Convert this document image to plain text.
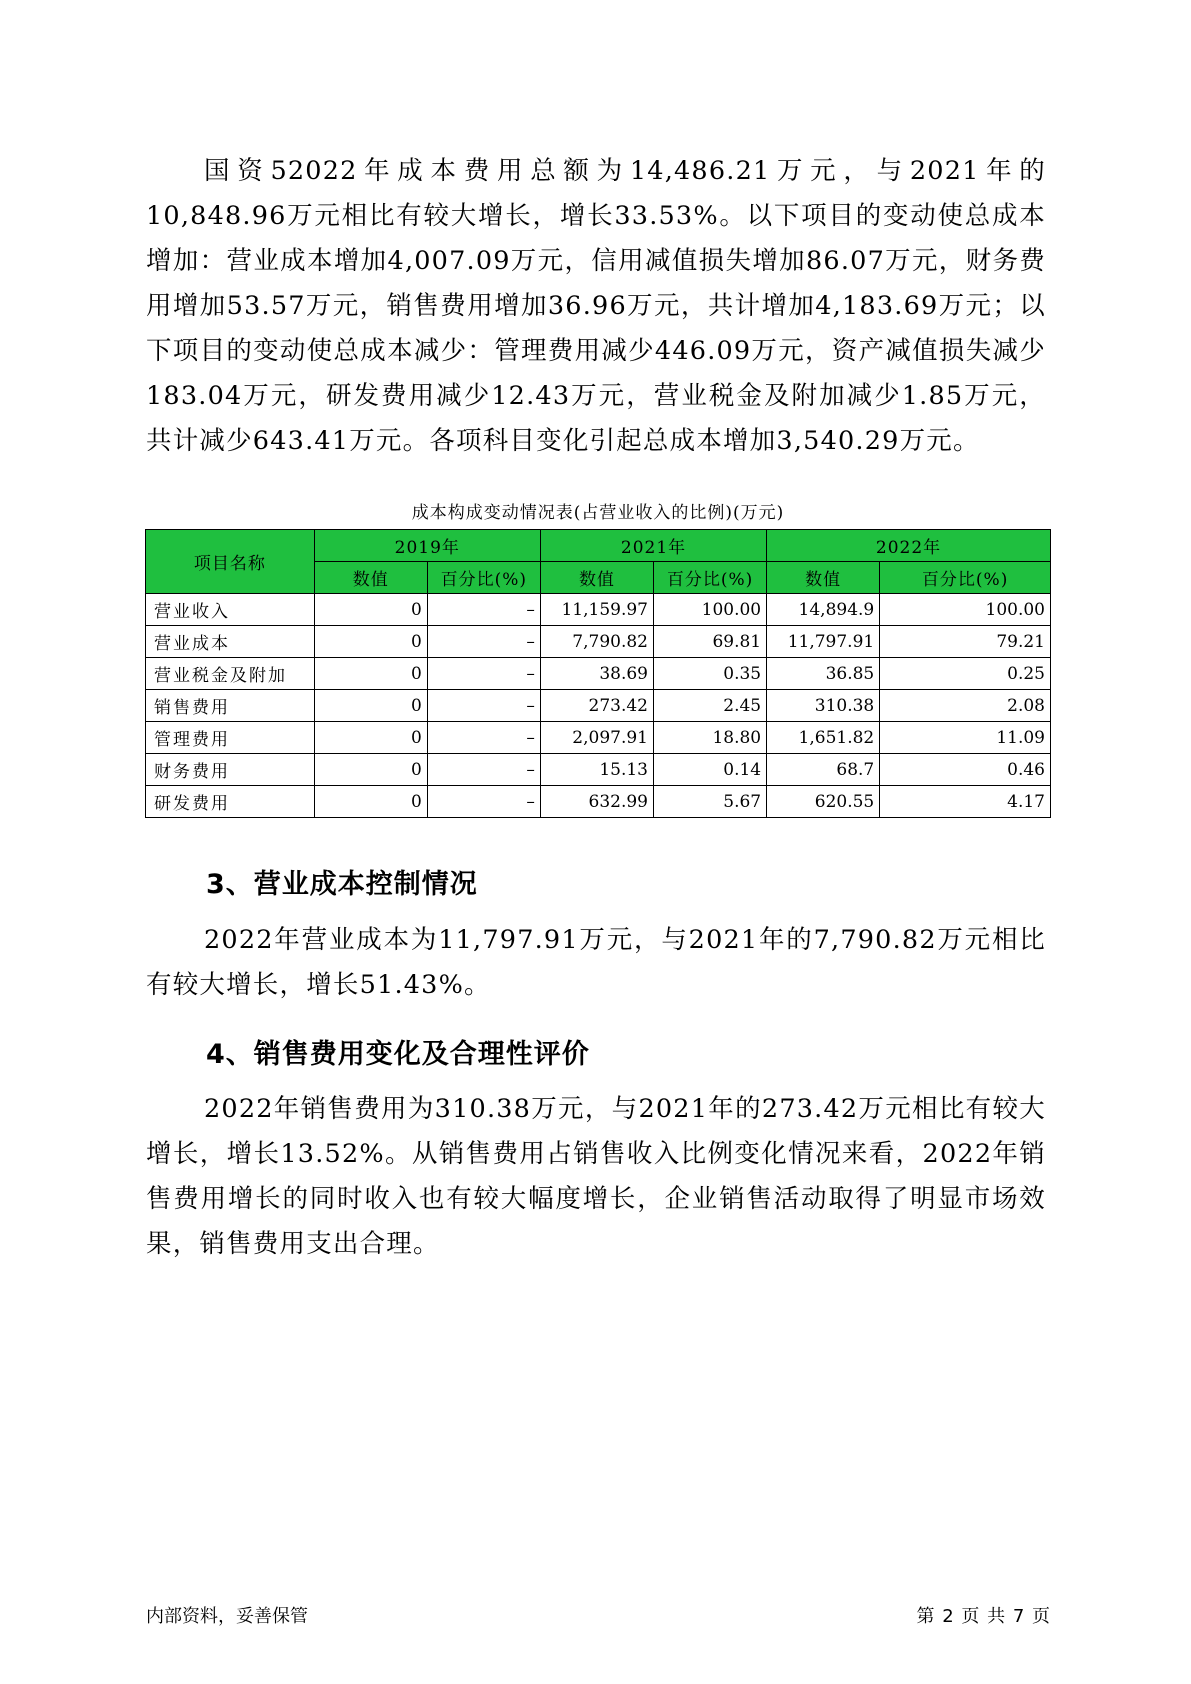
国资52022年成本费用总额为14,486.21万元，与2021年的10,848.96万元相比有较大增长，增长33.53%。以下项目的变动使总成本增加：营业成本增加4,007.09万元，信用减值损失增加86.07万元，财务费用增加53.57万元，销售费用增加36.96万元，共计增加4,183.69万元；以下项目的变动使总成本减少：管理费用减少446.09万元，资产减值损失减少183.04万元，研发费用减少12.43万元，营业税金及附加减少1.85万元，共计减少643.41万元。各项科目变化引起总成本增加3,540.29万元。

成本构成变动情况表(占营业收入的比例)(万元)

项目名称	2019年		2021年		2022年	
	数值	百分比(%)	数值	百分比(%)	数值	百分比(%)
营业收入	0	–	11,159.97	100.00	14,894.9	100.00
营业成本	0	–	7,790.82	69.81	11,797.91	79.21
营业税金及附加	0	–	38.69	0.35	36.85	0.25
销售费用	0	–	273.42	2.45	310.38	2.08
管理费用	0	–	2,097.91	18.80	1,651.82	11.09
财务费用	0	–	15.13	0.14	68.7	0.46
研发费用	0	–	632.99	5.67	620.55	4.17
3、营业成本控制情况

2022年营业成本为11,797.91万元，与2021年的7,790.82万元相比有较大增长，增长51.43%。

4、销售费用变化及合理性评价

2022年销售费用为310.38万元，与2021年的273.42万元相比有较大增长，增长13.52%。从销售费用占销售收入比例变化情况来看，2022年销售费用增长的同时收入也有较大幅度增长，企业销售活动取得了明显市场效果，销售费用支出合理。

内部资料，妥善保管	第 2 页 共 7 页
